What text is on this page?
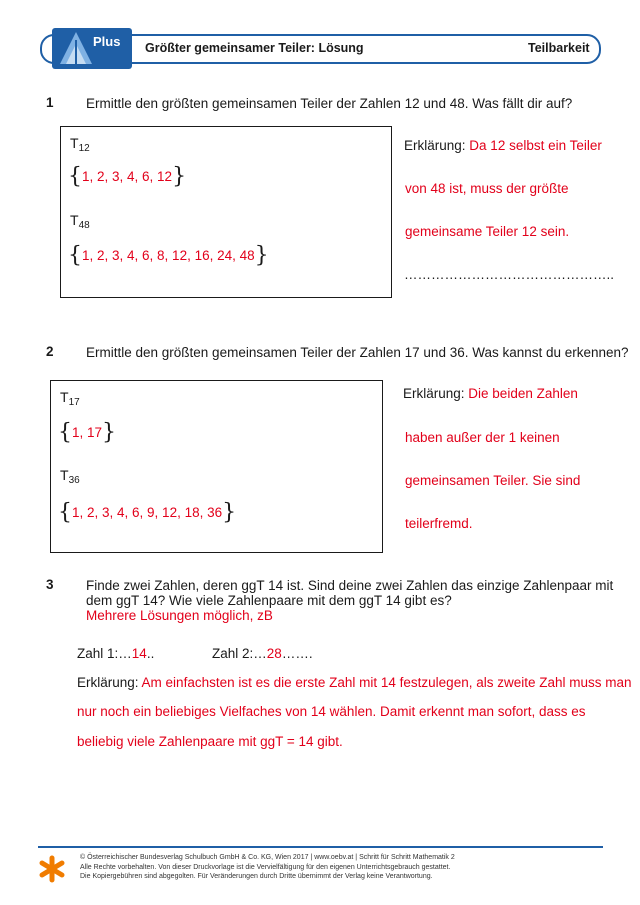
Plus Größter gemeinsamer Teiler: Lösung	Teilbarkeit
1 Ermittle den größten gemeinsamen Teiler der Zahlen 12 und 48. Was fällt dir auf?
$T_{12}$
{1, 2, 3, 4, 6, 12}
$T_{48}$
{1, 2, 3, 4, 6, 8, 12, 16, 24, 48}
Erklärung: Da 12 selbst ein Teiler
von 48 ist, muss der größte
gemeinsame Teiler 12 sein.
………………………………………..
2 Ermittle den größten gemeinsamen Teiler der Zahlen 17 und 36. Was kannst du erkennen?
$T_{17}$
{1, 17}
$T_{36}$
{1, 2, 3, 4, 6, 9, 12, 18, 36}
Erklärung: Die beiden Zahlen
haben außer der 1 keinen
gemeinsamen Teiler. Sie sind
teilerfremd.
3 Finde zwei Zahlen, deren ggT 14 ist. Sind deine zwei Zahlen das einzige Zahlenpaar mit
dem ggT 14? Wie viele Zahlenpaare mit dem ggT 14 gibt es?
Mehrere Lösungen möglich, zB
Zahl 1:…14..	Zahl 2:…28…….
Erklärung: Am einfachsten ist es die erste Zahl mit 14 festzulegen, als zweite Zahl muss man
nur noch ein beliebiges Vielfaches von 14 wählen. Damit erkennt man sofort, dass es
beliebig viele Zahlenpaare mit ggT = 14 gibt.
© Österreichischer Bundesverlag Schulbuch GmbH & Co. KG, Wien 2017 | www.oebv.at | Schritt für Schritt Mathematik 2
Alle Rechte vorbehalten. Von dieser Druckvorlage ist die Vervielfältigung für den eigenen Unterrichtsgebrauch gestattet.
Die Kopiergebühren sind abgegolten. Für Veränderungen durch Dritte übernimmt der Verlag keine Verantwortung.
